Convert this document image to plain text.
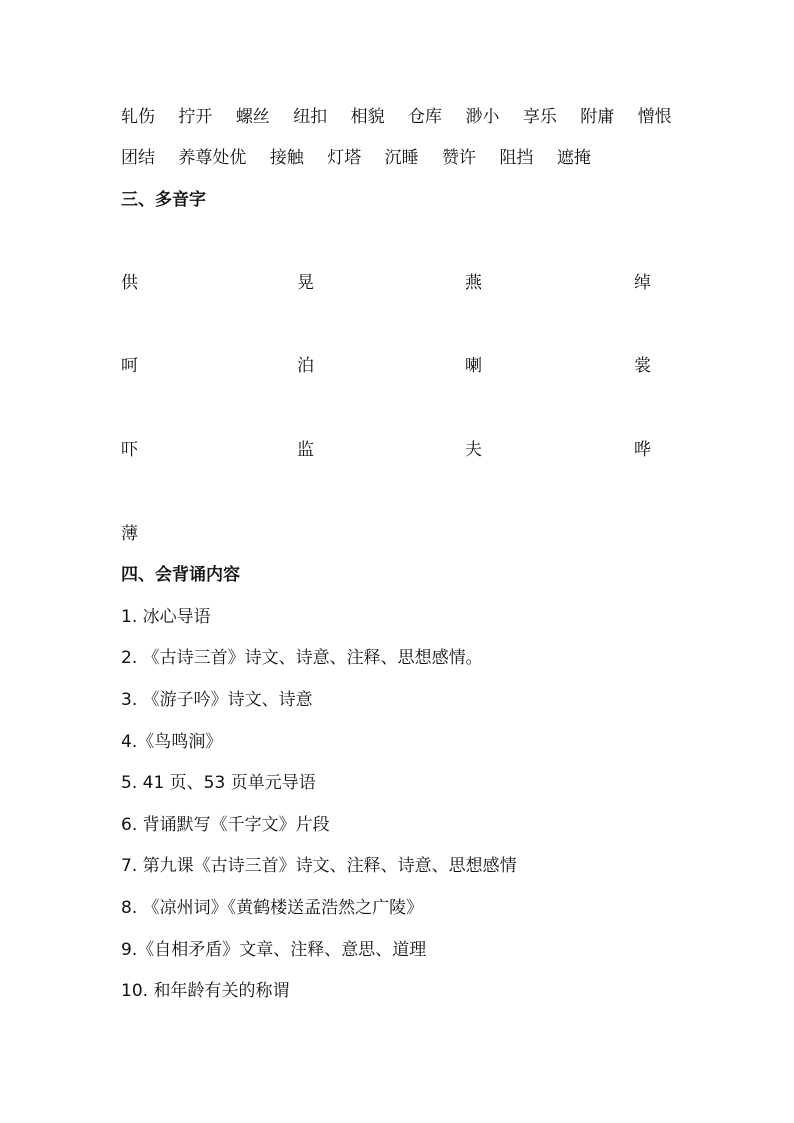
轧伤 拧开 螺丝 纽扣 相貌 仓库 渺小 享乐 附庸 憎恨
团结 养尊处优 接触 灯塔 沉睡 赞许 阻挡 遮掩
三、多音字
供	晃	燕	绰
呵	泊	喇	裳
吓	监	夫	哗
薄
四、会背诵内容
1. 冰心导语
2. 《古诗三首》诗文、诗意、注释、思想感情。
3. 《游子吟》诗文、诗意
4.《鸟鸣涧》
5. 41 页、53 页单元导语
6. 背诵默写《千字文》片段
7. 第九课《古诗三首》诗文、注释、诗意、思想感情
8. 《凉州词》《黄鹤楼送孟浩然之广陵》
9.《自相矛盾》文章、注释、意思、道理
10. 和年龄有关的称谓
